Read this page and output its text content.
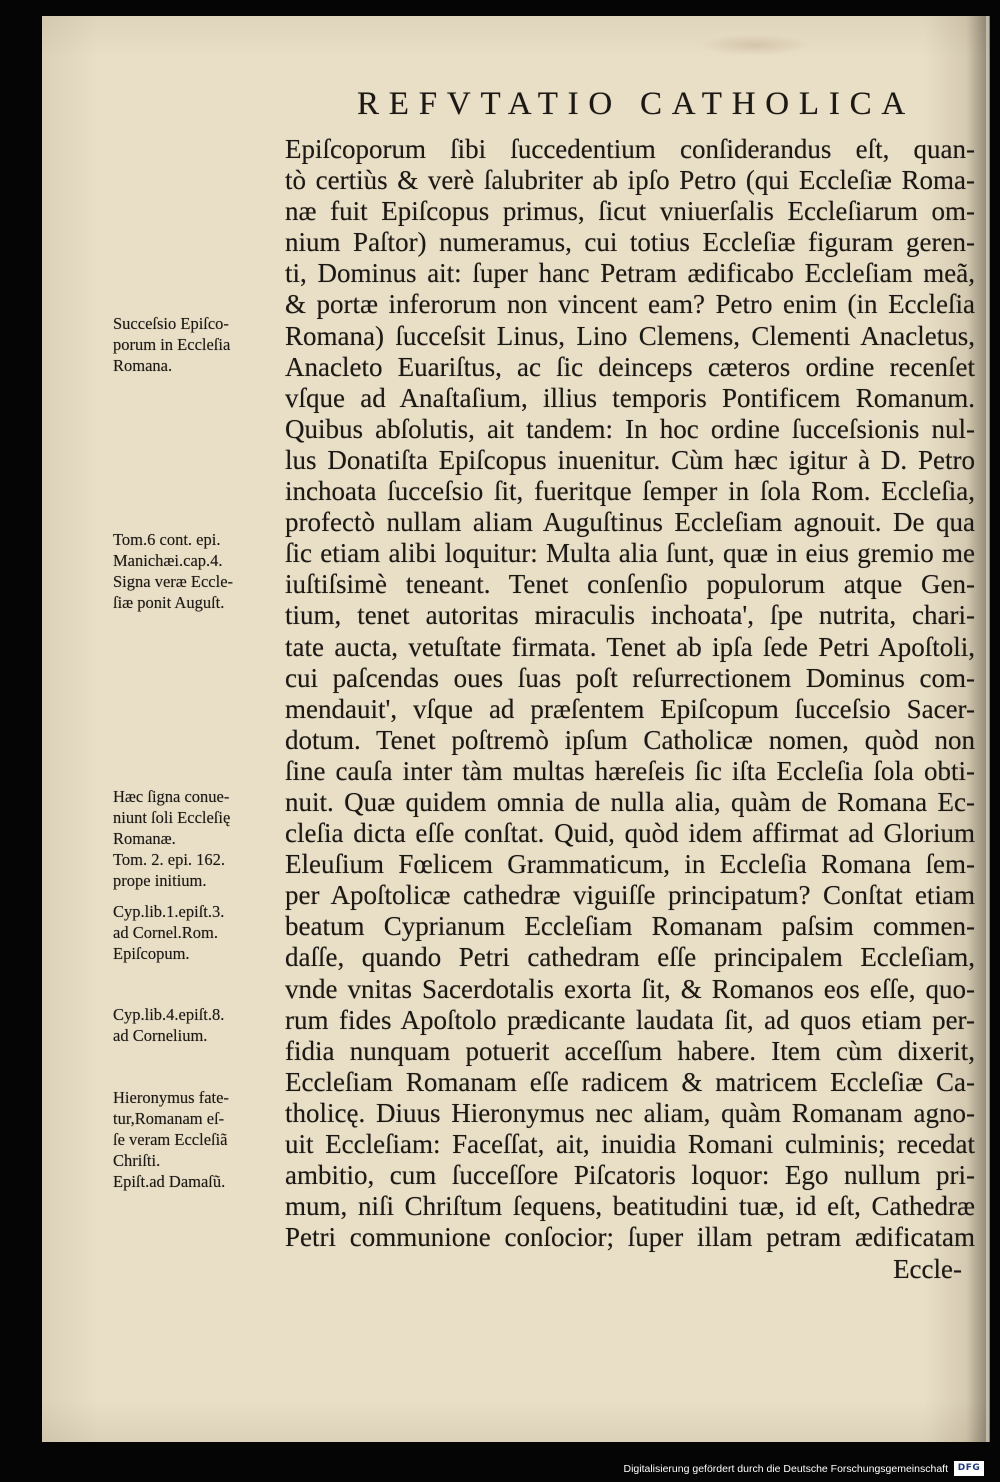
REFVTATIO CATHOLICA
Epiſcoporum ſibi ſuccedentium conſiderandus eſt, quan-
tò certiùs & verè ſalubriter ab ipſo Petro (qui Eccleſiæ Roma-
næ fuit Epiſcopus primus, ſicut vniuerſalis Eccleſiarum om-
nium Paſtor) numeramus, cui totius Eccleſiæ figuram geren-
ti, Dominus ait: ſuper hanc Petram ædificabo Eccleſiam meã,
& portæ inferorum non vincent eam? Petro enim (in Eccleſia
Romana) ſucceſsit Linus, Lino Clemens, Clementi Anacletus,
Anacleto Euariſtus, ac ſic deinceps cæteros ordine recenſet
vſque ad Anaſtaſium, illius temporis Pontificem Romanum.
Quibus abſolutis, ait tandem: In hoc ordine ſucceſsionis nul-
lus Donatiſta Epiſcopus inuenitur. Cùm hæc igitur à D. Petro
inchoata ſucceſsio ſit, fueritque ſemper in ſola Rom. Eccleſia,
profectò nullam aliam Auguſtinus Eccleſiam agnouit. De qua
ſic etiam alibi loquitur: Multa alia ſunt, quæ in eius gremio me
iuſtiſsimè teneant. Tenet conſenſio populorum atque Gen-
tium, tenet autoritas miraculis inchoata', ſpe nutrita, chari-
tate aucta, vetuſtate firmata. Tenet ab ipſa ſede Petri Apoſtoli,
cui paſcendas oues ſuas poſt reſurrectionem Dominus com-
mendauit', vſque ad præſentem Epiſcopum ſucceſsio Sacer-
dotum. Tenet poſtremò ipſum Catholicæ nomen, quòd non
ſine cauſa inter tàm multas hæreſeis ſic iſta Eccleſia ſola obti-
nuit. Quæ quidem omnia de nulla alia, quàm de Romana Ec-
cleſia dicta eſſe conſtat. Quid, quòd idem affirmat ad Glorium
Eleuſium Fœlicem Grammaticum, in Eccleſia Romana ſem-
per Apoſtolicæ cathedræ viguiſſe principatum? Conſtat etiam
beatum Cyprianum Eccleſiam Romanam paſsim commen-
daſſe, quando Petri cathedram eſſe principalem Eccleſiam,
vnde vnitas Sacerdotalis exorta ſit, & Romanos eos eſſe, quo-
rum fides Apoſtolo prædicante laudata ſit, ad quos etiam per-
fidia nunquam potuerit acceſſum habere. Item cùm dixerit,
Eccleſiam Romanam eſſe radicem & matricem Eccleſiæ Ca-
tholicę. Diuus Hieronymus nec aliam, quàm Romanam agno-
uit Eccleſiam: Faceſſat, ait, inuidia Romani culminis; recedat
ambitio, cum ſucceſſore Piſcatoris loquor: Ego nullum pri-
mum, niſi Chriſtum ſequens, beatitudini tuæ, id eſt, Cathedræ
Petri communione conſocior; ſuper illam petram ædificatam
Eccle-
Succeſsio Epiſco-
porum in Eccleſia
Romana.
Tom.6 cont. epi.
Manichæi.cap.4.
Signa veræ Eccle-
ſiæ ponit Auguſt.
Hæc ſigna conue-
niunt ſoli Eccleſię
Romanæ.
Tom. 2. epi. 162.
prope initium.
Cyp.lib.1.epiſt.3.
ad Cornel.Rom.
Epiſcopum.
Cyp.lib.4.epiſt.8.
ad Cornelium.
Hieronymus fate-
tur,Romanam eſ-
ſe veram Eccleſiã
Chriſti.
Epiſt.ad Damaſũ.
Digitalisierung gefördert durch die Deutsche Forschungsgemeinschaft	DFG
